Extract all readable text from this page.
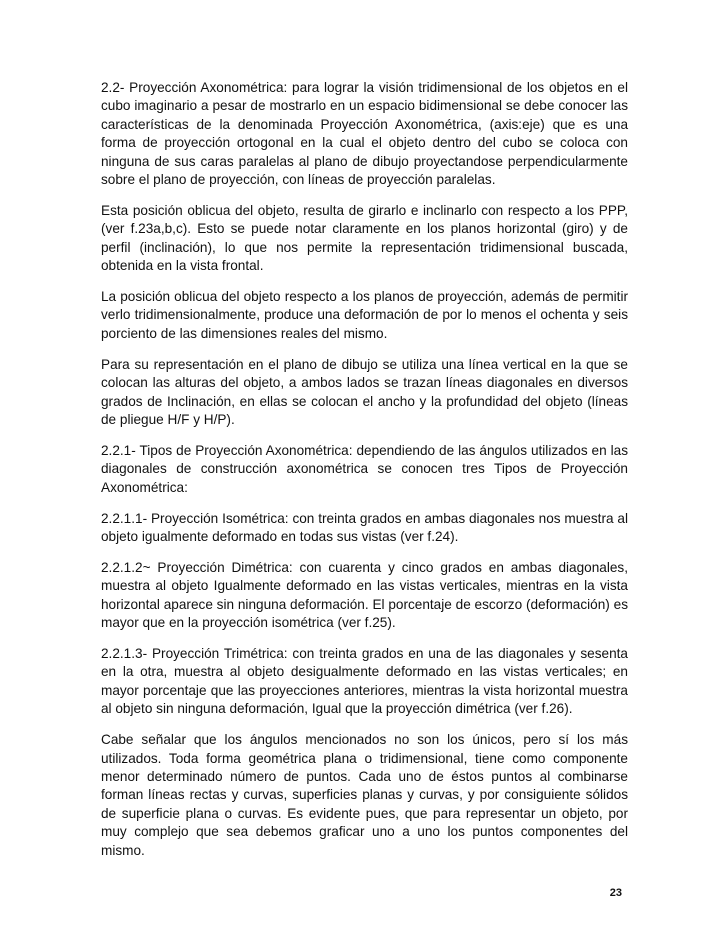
2.2- Proyección Axonométrica: para lograr la visión tridimensional de los objetos en el cubo imaginario a pesar de mostrarlo en un espacio bidimensional se debe conocer las características de la denominada Proyección Axonométrica, (axis:eje) que es una forma de proyección ortogonal en la cual el objeto dentro del cubo se coloca con ninguna de sus caras paralelas al plano de dibujo proyectandose perpendicularmente sobre el plano de proyección, con líneas de proyección paralelas.

Esta posición oblicua del objeto, resulta de girarlo e inclinarlo con respecto a los PPP, (ver f.23a,b,c). Esto se puede notar claramente en los planos horizontal (giro) y de perfil (inclinación), lo que nos permite la representación tridimensional buscada, obtenida en la vista frontal.

La posición oblicua del objeto respecto a los planos de proyección, además de permitir verlo tridimensionalmente, produce una deformación de por lo menos el ochenta y seis porciento de las dimensiones reales del mismo.

Para su representación en el plano de dibujo se utiliza una línea vertical en la que se colocan las alturas del objeto, a ambos lados se trazan líneas diagonales en diversos grados de Inclinación, en ellas se colocan el ancho y la profundidad del objeto (líneas de pliegue H/F y H/P).

2.2.1- Tipos de Proyección Axonométrica: dependiendo de las ángulos utilizados en las diagonales de construcción axonométrica se conocen tres Tipos de Proyección Axonométrica:

2.2.1.1- Proyección Isométrica: con treinta grados en ambas diagonales nos muestra al objeto igualmente deformado en todas sus vistas (ver f.24).

2.2.1.2~ Proyección Dimétrica: con cuarenta y cinco grados en ambas diagonales, muestra al objeto Igualmente deformado en las vistas verticales, mientras en la vista horizontal aparece sin ninguna deformación. El porcentaje de escorzo (deformación) es mayor que en la proyección isométrica (ver f.25).

2.2.1.3- Proyección Trimétrica: con treinta grados en una de las diagonales y sesenta en la otra, muestra al objeto desigualmente deformado en las vistas verticales; en mayor porcentaje que las proyecciones anteriores, mientras la vista horizontal muestra al objeto sin ninguna deformación, Igual que la proyección dimétrica (ver f.26).

Cabe señalar que los ángulos mencionados no son los únicos, pero sí los más utilizados. Toda forma geométrica plana o tridimensional, tiene como componente menor determinado número de puntos. Cada uno de éstos puntos al combinarse forman líneas rectas y curvas, superficies planas y curvas, y por consiguiente sólidos de superficie plana o curvas. Es evidente pues, que para representar un objeto, por muy complejo que sea debemos graficar uno a uno los puntos componentes del mismo.

23
